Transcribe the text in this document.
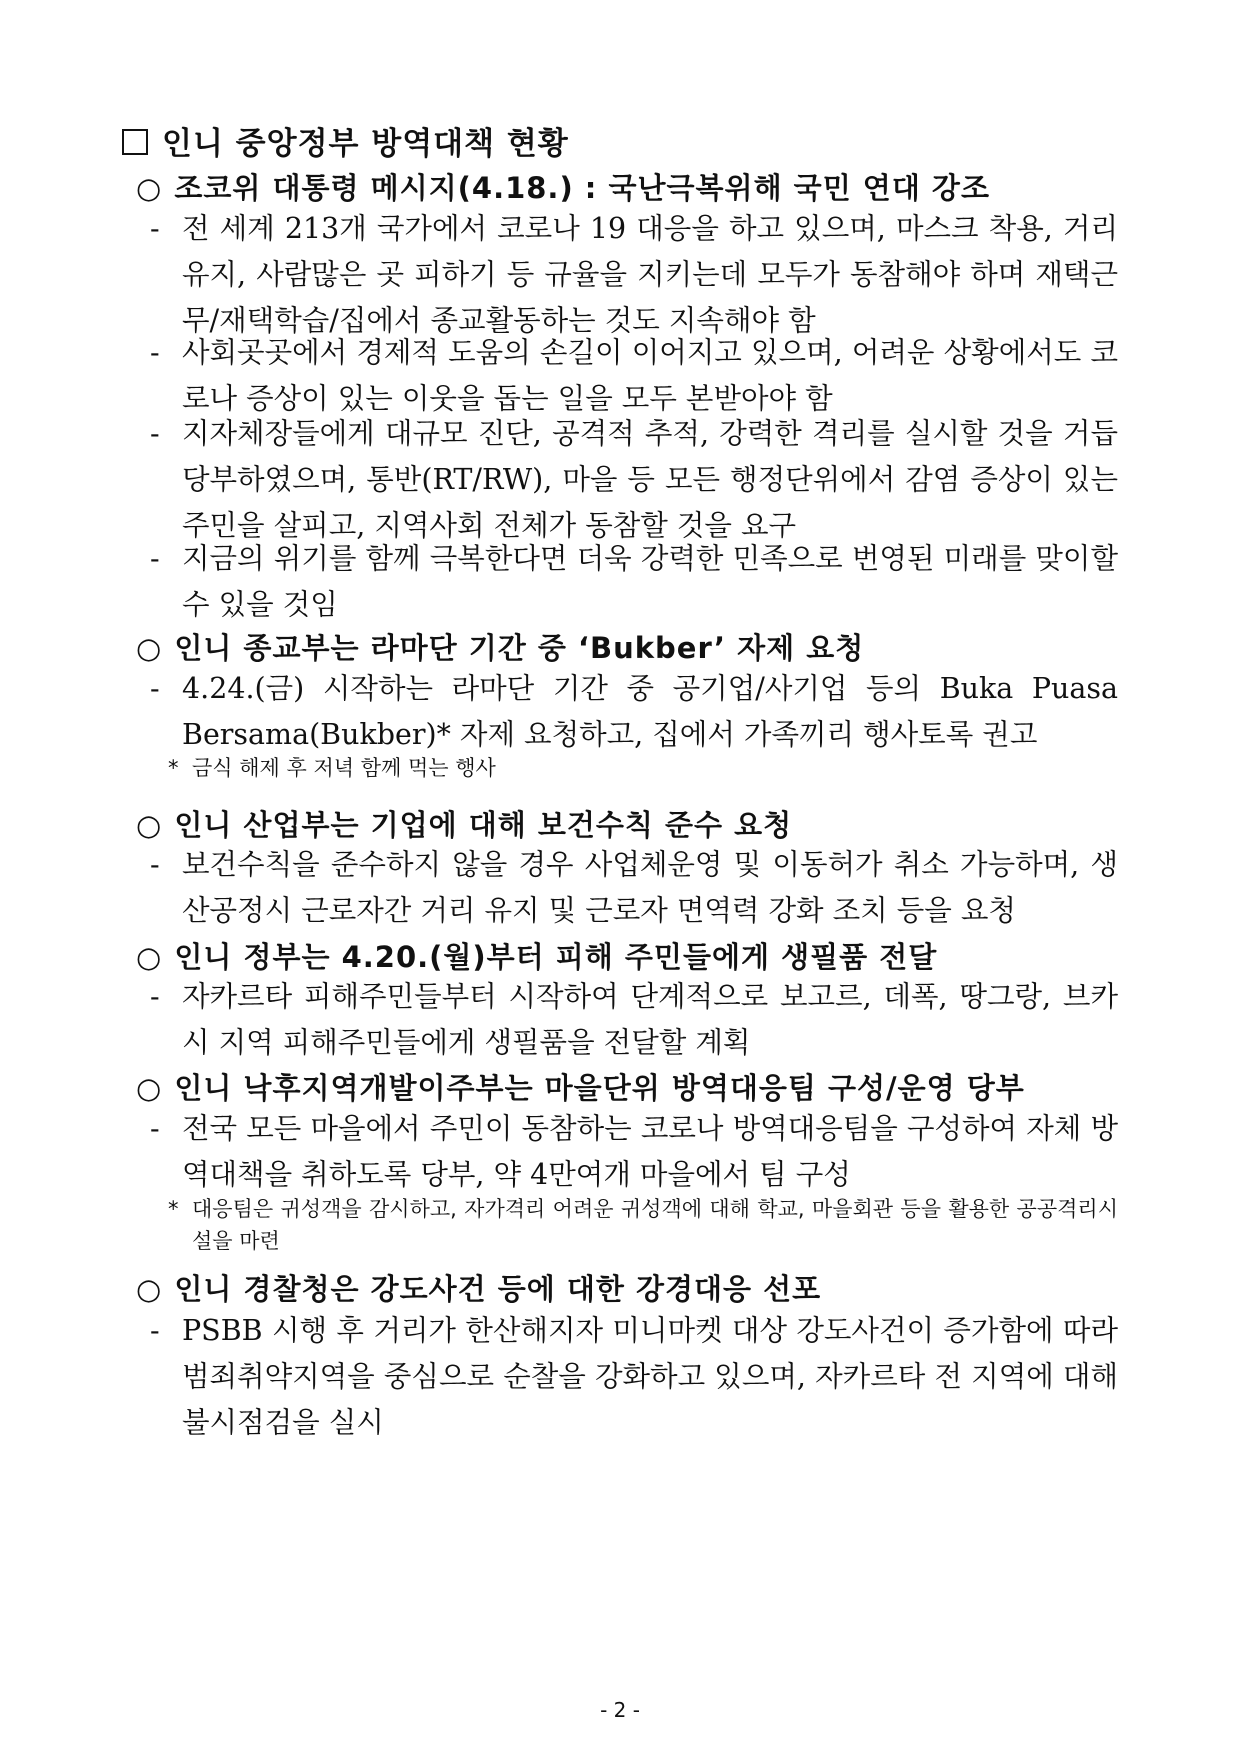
인니 중앙정부 방역대책 현황
○ 조코위 대통령 메시지(4.18.) : 국난극복위해 국민 연대 강조
- 전 세계 213개 국가에서 코로나 19 대응을 하고 있으며, 마스크 착용, 거리유지, 사람많은 곳 피하기 등 규율을 지키는데 모두가 동참해야 하며 재택근무/재택학습/집에서 종교활동하는 것도 지속해야 함
- 사회곳곳에서 경제적 도움의 손길이 이어지고 있으며, 어려운 상황에서도 코로나 증상이 있는 이웃을 돕는 일을 모두 본받아야 함
- 지자체장들에게 대규모 진단, 공격적 추적, 강력한 격리를 실시할 것을 거듭 당부하였으며, 통반(RT/RW), 마을 등 모든 행정단위에서 감염 증상이 있는 주민을 살피고, 지역사회 전체가 동참할 것을 요구
- 지금의 위기를 함께 극복한다면 더욱 강력한 민족으로 번영된 미래를 맞이할 수 있을 것임
○ 인니 종교부는 라마단 기간 중 ‘Bukber’ 자제 요청
- 4.24.(금) 시작하는 라마단 기간 중 공기업/사기업 등의 Buka Puasa Bersama(Bukber)* 자제 요청하고, 집에서 가족끼리 행사토록 권고
* 금식 해제 후 저녁 함께 먹는 행사
○ 인니 산업부는 기업에 대해 보건수칙 준수 요청
- 보건수칙을 준수하지 않을 경우 사업체운영 및 이동허가 취소 가능하며, 생산공정시 근로자간 거리 유지 및 근로자 면역력 강화 조치 등을 요청
○ 인니 정부는 4.20.(월)부터 피해 주민들에게 생필품 전달
- 자카르타 피해주민들부터 시작하여 단계적으로 보고르, 데폭, 땅그랑, 브카시 지역 피해주민들에게 생필품을 전달할 계획
○ 인니 낙후지역개발이주부는 마을단위 방역대응팀 구성/운영 당부
- 전국 모든 마을에서 주민이 동참하는 코로나 방역대응팀을 구성하여 자체 방역대책을 취하도록 당부, 약 4만여개 마을에서 팀 구성
* 대응팀은 귀성객을 감시하고, 자가격리 어려운 귀성객에 대해 학교, 마을회관 등을 활용한 공공격리시설을 마련
○ 인니 경찰청은 강도사건 등에 대한 강경대응 선포
- PSBB 시행 후 거리가 한산해지자 미니마켓 대상 강도사건이 증가함에 따라 범죄취약지역을 중심으로 순찰을 강화하고 있으며, 자카르타 전 지역에 대해 불시점검을 실시
- 2 -
